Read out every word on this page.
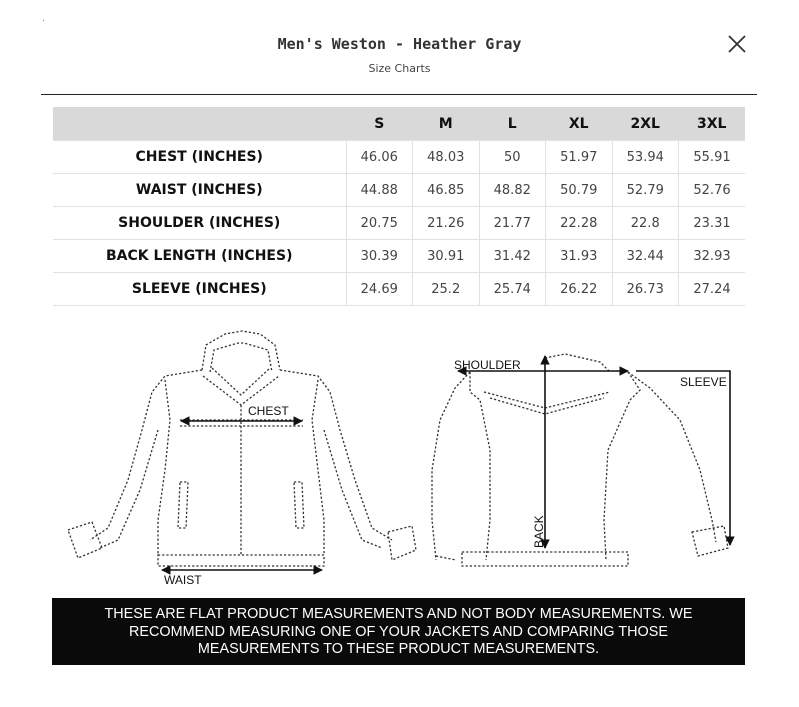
Men's Weston - Heather Gray
Size Charts
	S	M	L	XL	2XL	3XL
CHEST (INCHES)	46.06	48.03	50	51.97	53.94	55.91
WAIST (INCHES)	44.88	46.85	48.82	50.79	52.79	52.76
SHOULDER (INCHES)	20.75	21.26	21.77	22.28	22.8	23.31
BACK LENGTH (INCHES)	30.39	30.91	31.42	31.93	32.44	32.93
SLEEVE (INCHES)	24.69	25.2	25.74	26.22	26.73	27.24
CHEST
WAIST
SHOULDER
SLEEVE
BACK
THESE ARE FLAT PRODUCT MEASUREMENTS AND NOT BODY MEASUREMENTS. WE
RECOMMEND MEASURING ONE OF YOUR JACKETS AND COMPARING THOSE
MEASUREMENTS TO THESE PRODUCT MEASUREMENTS.
